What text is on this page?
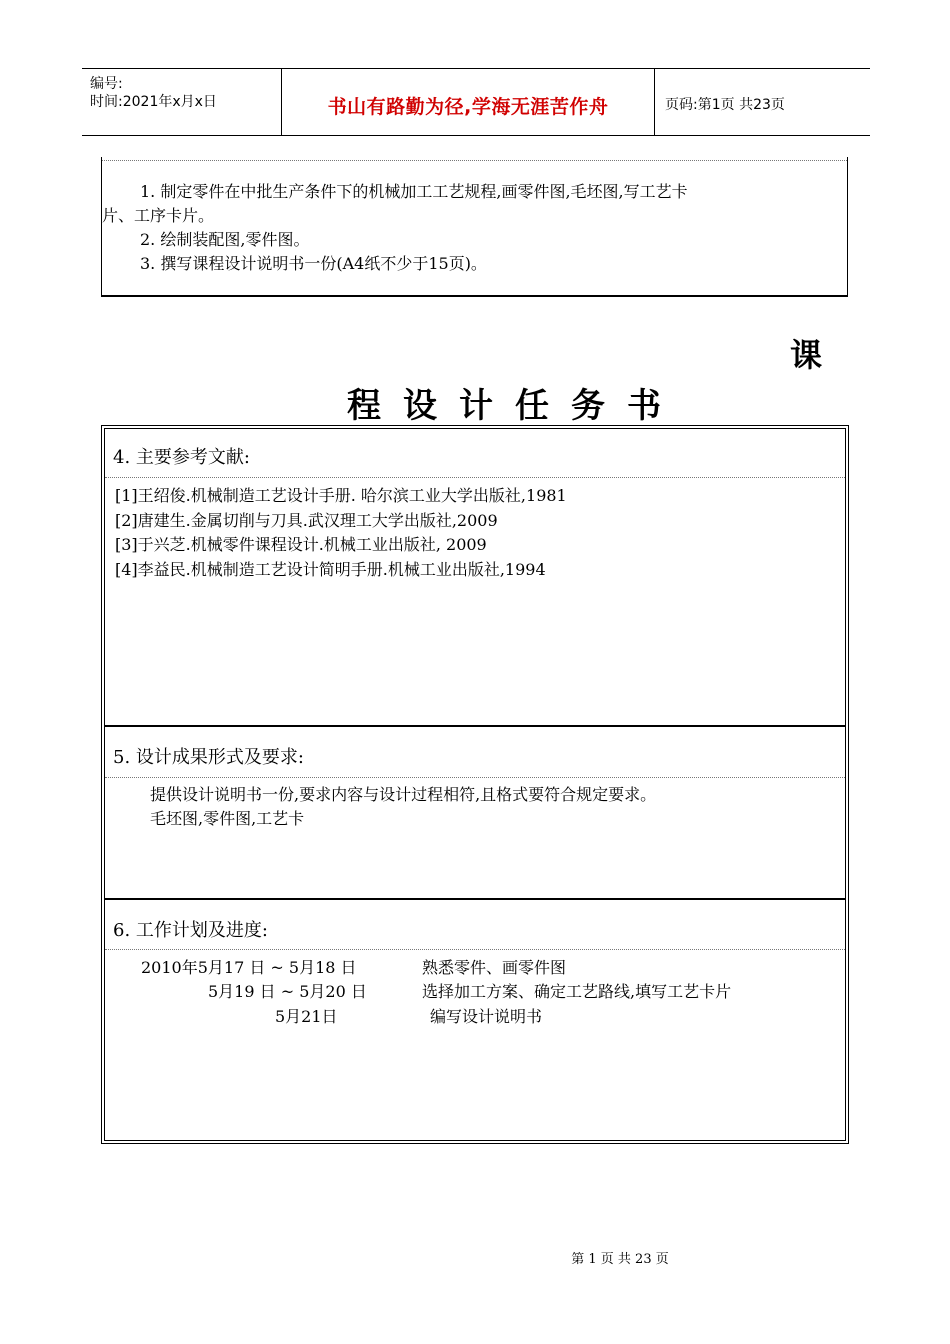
编号:
时间:2021年x月x日	书山有路勤为径,学海无涯苦作舟	页码:第1页 共23页
1. 制定零件在中批生产条件下的机械加工工艺规程,画零件图,毛坯图,写工艺卡
片、工序卡片。
2. 绘制装配图,零件图。
3. 撰写课程设计说明书一份(A4纸不少于15页)。
课
程设计任务书
4. 主要参考文献:
[1]王绍俊.机械制造工艺设计手册. 哈尔滨工业大学出版社,1981
[2]唐建生.金属切削与刀具.武汉理工大学出版社,2009
[3]于兴芝.机械零件课程设计.机械工业出版社, 2009
[4]李益民.机械制造工艺设计简明手册.机械工业出版社,1994
5. 设计成果形式及要求:
提供设计说明书一份,要求内容与设计过程相符,且格式要符合规定要求。
毛坯图,零件图,工艺卡
6. 工作计划及进度:
2010年5月17 日 ~ 5月18 日	熟悉零件、画零件图
5月19 日 ~ 5月20 日	选择加工方案、确定工艺路线,填写工艺卡片
5月21日	编写设计说明书
第 1 页 共 23 页
